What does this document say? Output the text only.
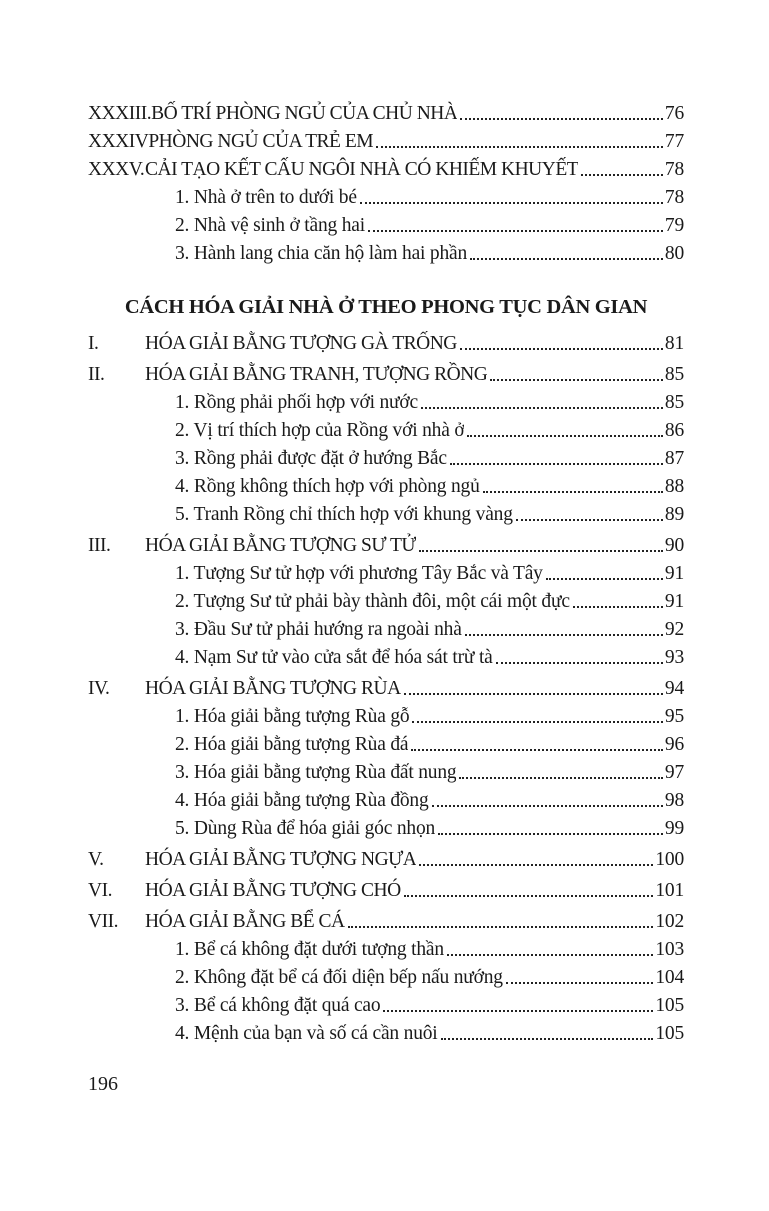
XXXIII. BỐ TRÍ PHÒNG NGỦ CỦA CHỦ NHÀ	76
XXXIV PHÒNG NGỦ CỦA TRẺ EM	77
XXXV. CẢI TẠO KẾT CẤU NGÔI NHÀ CÓ KHIẾM KHUYẾT	78
1. Nhà ở trên to dưới bé	78
2. Nhà vệ sinh ở tầng hai	79
3. Hành lang chia căn hộ làm hai phần	80
CÁCH HÓA GIẢI NHÀ Ở THEO PHONG TỤC DÂN GIAN
I.	HÓA GIẢI BẰNG TƯỢNG GÀ TRỐNG	81
II.	HÓA GIẢI BẰNG TRANH, TƯỢNG RỒNG	85
1. Rồng phải phối hợp với nước	85
2. Vị trí thích hợp của Rồng với nhà ở	86
3. Rồng phải được đặt ở hướng Bắc	87
4. Rồng không thích hợp với phòng ngủ	88
5. Tranh Rồng chỉ thích hợp với khung vàng	89
III.	HÓA GIẢI BẰNG TƯỢNG SƯ TỬ	90
1. Tượng Sư tử hợp với phương Tây Bắc và Tây	91
2. Tượng Sư tử phải bày thành đôi, một cái một đực	91
3. Đầu Sư tử phải hướng ra ngoài nhà	92
4. Nạm Sư tử vào cửa sắt để hóa sát trừ tà	93
IV.	HÓA GIẢI BẰNG TƯỢNG RÙA	94
1. Hóa giải bằng tượng Rùa gỗ	95
2. Hóa giải bằng tượng Rùa đá	96
3. Hóa giải bằng tượng Rùa đất nung	97
4. Hóa giải bằng tượng Rùa đồng	98
5. Dùng Rùa để hóa giải góc nhọn	99
V.	HÓA GIẢI BẰNG TƯỢNG NGỰA	100
VI.	HÓA GIẢI BẰNG TƯỢNG CHÓ	101
VII.	HÓA GIẢI BẰNG BỂ CÁ	102
1. Bể cá không đặt dưới tượng thần	103
2. Không đặt bể cá đối diện bếp nấu nướng	104
3. Bể cá không đặt quá cao	105
4. Mệnh của bạn và số cá cần nuôi	105
196
